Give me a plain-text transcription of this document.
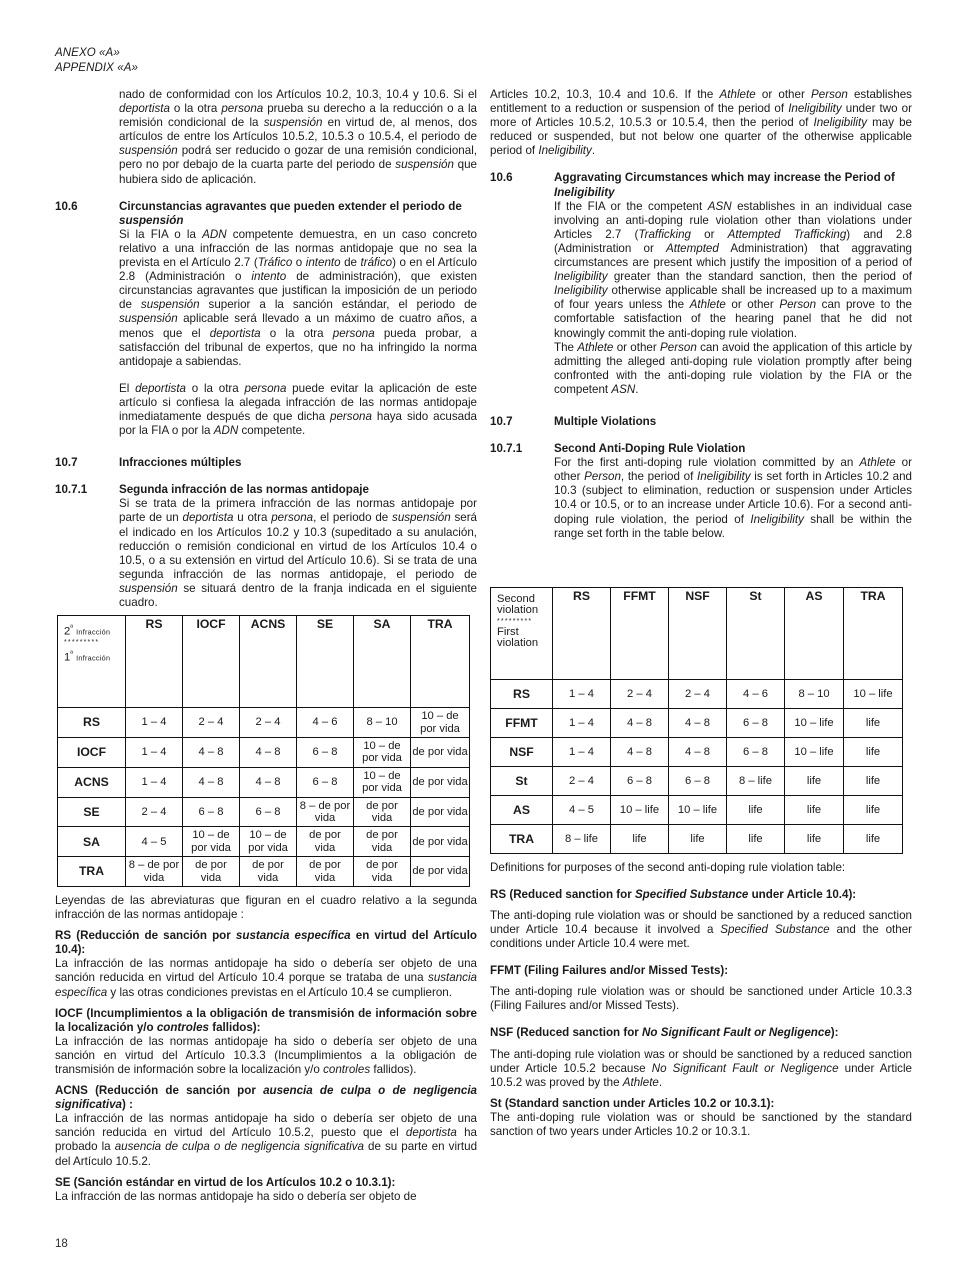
ANEXO «A»
APPENDIX «A»

nado de conformidad con los Artículos 10.2, 10.3, 10.4 y 10.6. Si el deportista o la otra persona prueba su derecho a la reducción o a la remisión condicional de la suspensión en virtud de, al menos, dos artículos de entre los Artículos 10.5.2, 10.5.3 o 10.5.4, el periodo de suspensión podrá ser reducido o gozar de una remisión condicional, pero no por debajo de la cuarta parte del periodo de suspensión que hubiera sido de aplicación.

10.6	Circunstancias agravantes que pueden extender el periodo de suspensión
Si la FIA o la ADN competente demuestra, en un caso concreto relativo a una infracción de las normas antidopaje que no sea la prevista en el Artículo 2.7 (Tráfico o intento de tráfico) o en el Artículo 2.8 (Administración o intento de administración), que existen circunstancias agravantes que justifican la imposición de un periodo de suspensión superior a la sanción estándar, el periodo de suspensión aplicable será llevado a un máximo de cuatro años, a menos que el deportista o la otra persona pueda probar, a satisfacción del tribunal de expertos, que no ha infringido la norma antidopaje a sabiendas.
El deportista o la otra persona puede evitar la aplicación de este artículo si confiesa la alegada infracción de las normas antidopaje inmediatamente después de que dicha persona haya sido acusada por la FIA o por la ADN competente.
10.7	Infracciones múltiples
10.7.1	Segunda infracción de las normas antidopaje
Si se trata de la primera infracción de las normas antidopaje por parte de un deportista u otra persona, el periodo de suspensión será el indicado en los Artículos 10.2 y 10.3 (supeditado a su anulación, reducción o remisión condicional en virtud de los Artículos 10.4 o 10.5, o a su extensión en virtud del Artículo 10.6). Si se trata de una segunda infracción de las normas antidopaje, el periodo de suspensión se situará dentro de la franja indicada en el siguiente cuadro.
$2^ª$ Infracción
*********
$1^ª$ Infracción	RS	IOCF	ACNS	SE	SA	TRA
RS	1 – 4	2 – 4	2 – 4	4 – 6	8 – 10	10 – de por vida
IOCF	1 – 4	4 – 8	4 – 8	6 – 8	10 – de por vida	de por vida
ACNS	1 – 4	4 – 8	4 – 8	6 – 8	10 – de por vida	de por vida
SE	2 – 4	6 – 8	6 – 8	8 – de por vida	de por vida	de por vida
SA	4 – 5	10 – de por vida	10 – de por vida	de por vida	de por vida	de por vida
TRA	8 – de por vida	de por vida	de por vida	de por vida	de por vida	de por vida
Leyendas de las abreviaturas que figuran en el cuadro relativo a la segunda infracción de las normas antidopaje :
RS (Reducción de sanción por sustancia específica en virtud del Artículo 10.4):
La infracción de las normas antidopaje ha sido o debería ser objeto de una sanción reducida en virtud del Artículo 10.4 porque se trataba de una sustancia específica y las otras condiciones previstas en el Artículo 10.4 se cumplieron.
IOCF (Incumplimientos a la obligación de transmisión de información sobre la localización y/o controles fallidos):
La infracción de las normas antidopaje ha sido o debería ser objeto de una sanción en virtud del Artículo 10.3.3 (Incumplimientos a la obligación de transmisión de información sobre la localización y/o controles fallidos).
ACNS (Reducción de sanción por ausencia de culpa o de negligencia significativa) :
La infracción de las normas antidopaje ha sido o debería ser objeto de una sanción reducida en virtud del Artículo 10.5.2, puesto que el deportista ha probado la ausencia de culpa o de negligencia significativa de su parte en virtud del Artículo 10.5.2.
SE (Sanción estándar en virtud de los Artículos 10.2 o 10.3.1):
La infracción de las normas antidopaje ha sido o debería ser objeto de

Articles 10.2, 10.3, 10.4 and 10.6. If the Athlete or other Person establishes entitlement to a reduction or suspension of the period of Ineligibility under two or more of Articles 10.5.2, 10.5.3 or 10.5.4, then the period of Ineligibility may be reduced or suspended, but not below one quarter of the otherwise applicable period of Ineligibility.

10.6	Aggravating Circumstances which may increase the Period of Ineligibility
If the FIA or the competent ASN establishes in an individual case involving an anti-doping rule violation other than violations under Articles 2.7 (Trafficking or Attempted Trafficking) and 2.8 (Administration or Attempted Administration) that aggravating circumstances are present which justify the imposition of a period of Ineligibility greater than the standard sanction, then the period of Ineligibility otherwise applicable shall be increased up to a maximum of four years unless the Athlete or other Person can prove to the comfortable satisfaction of the hearing panel that he did not knowingly commit the anti-doping rule violation.
The Athlete or other Person can avoid the application of this article by admitting the alleged anti-doping rule violation promptly after being confronted with the anti-doping rule violation by the FIA or the competent ASN.
10.7	Multiple Violations
10.7.1	Second Anti-Doping Rule Violation
For the first anti-doping rule violation committed by an Athlete or other Person, the period of Ineligibility is set forth in Articles 10.2 and 10.3 (subject to elimination, reduction or suspension under Articles 10.4 or 10.5, or to an increase under Article 10.6). For a second anti-doping rule violation, the period of Ineligibility shall be within the range set forth in the table below.
Second
violation
*********
First
violation	RS	FFMT	NSF	St	AS	TRA
RS	1 – 4	2 – 4	2 – 4	4 – 6	8 – 10	10 – life
FFMT	1 – 4	4 – 8	4 – 8	6 – 8	10 – life	life
NSF	1 – 4	4 – 8	4 – 8	6 – 8	10 – life	life
St	2 – 4	6 – 8	6 – 8	8 – life	life	life
AS	4 – 5	10 – life	10 – life	life	life	life
TRA	8 – life	life	life	life	life	life
Definitions for purposes of the second anti-doping rule violation table:
RS (Reduced sanction for Specified Substance under Article 10.4):
The anti-doping rule violation was or should be sanctioned by a reduced sanction under Article 10.4 because it involved a Specified Substance and the other conditions under Article 10.4 were met.
FFMT (Filing Failures and/or Missed Tests):
The anti-doping rule violation was or should be sanctioned under Article 10.3.3 (Filing Failures and/or Missed Tests).
NSF (Reduced sanction for No Significant Fault or Negligence):
The anti-doping rule violation was or should be sanctioned by a reduced sanction under Article 10.5.2 because No Significant Fault or Negligence under Article 10.5.2 was proved by the Athlete.
St (Standard sanction under Articles 10.2 or 10.3.1):
The anti-doping rule violation was or should be sanctioned by the standard sanction of two years under Articles 10.2 or 10.3.1.
18
